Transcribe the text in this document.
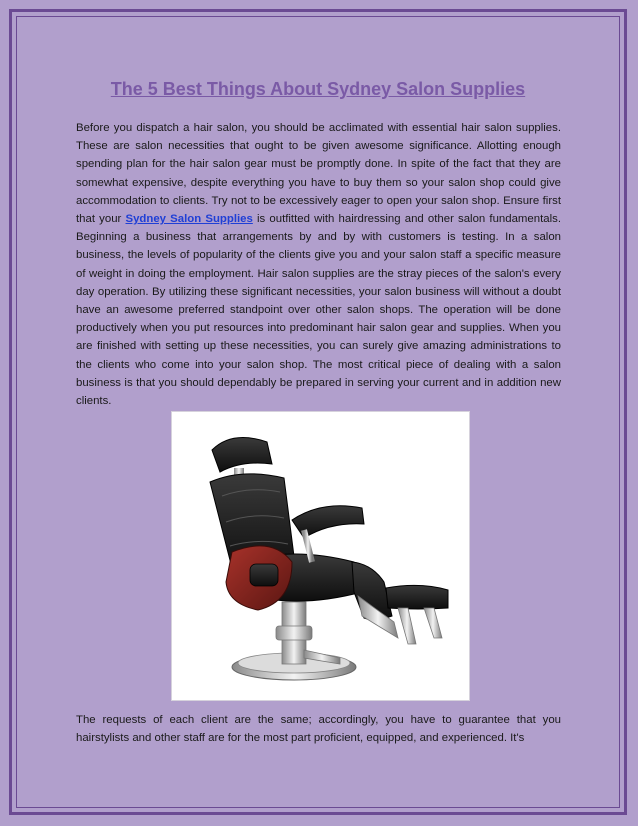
The 5 Best Things About Sydney Salon Supplies

Before you dispatch a hair salon, you should be acclimated with essential hair salon supplies. These are salon necessities that ought to be given awesome significance. Allotting enough spending plan for the hair salon gear must be promptly done. In spite of the fact that they are somewhat expensive, despite everything you have to buy them so your salon shop could give accommodation to clients. Try not to be excessively eager to open your salon shop. Ensure first that your Sydney Salon Supplies is outfitted with hairdressing and other salon fundamentals. Beginning a business that arrangements by and by with customers is testing. In a salon business, the levels of popularity of the clients give you and your salon staff a specific measure of weight in doing the employment. Hair salon supplies are the stray pieces of the salon's every day operation. By utilizing these significant necessities, your salon business will without a doubt have an awesome preferred standpoint over other salon shops. The operation will be done productively when you put resources into predominant hair salon gear and supplies. When you are finished with setting up these necessities, you can surely give amazing administrations to the clients who come into your salon shop. The most critical piece of dealing with a salon business is that you should dependably be prepared in serving your current and in addition new clients.

The requests of each client are the same; accordingly, you have to guarantee that you hairstylists and other staff are for the most part proficient, equipped, and experienced. It's
